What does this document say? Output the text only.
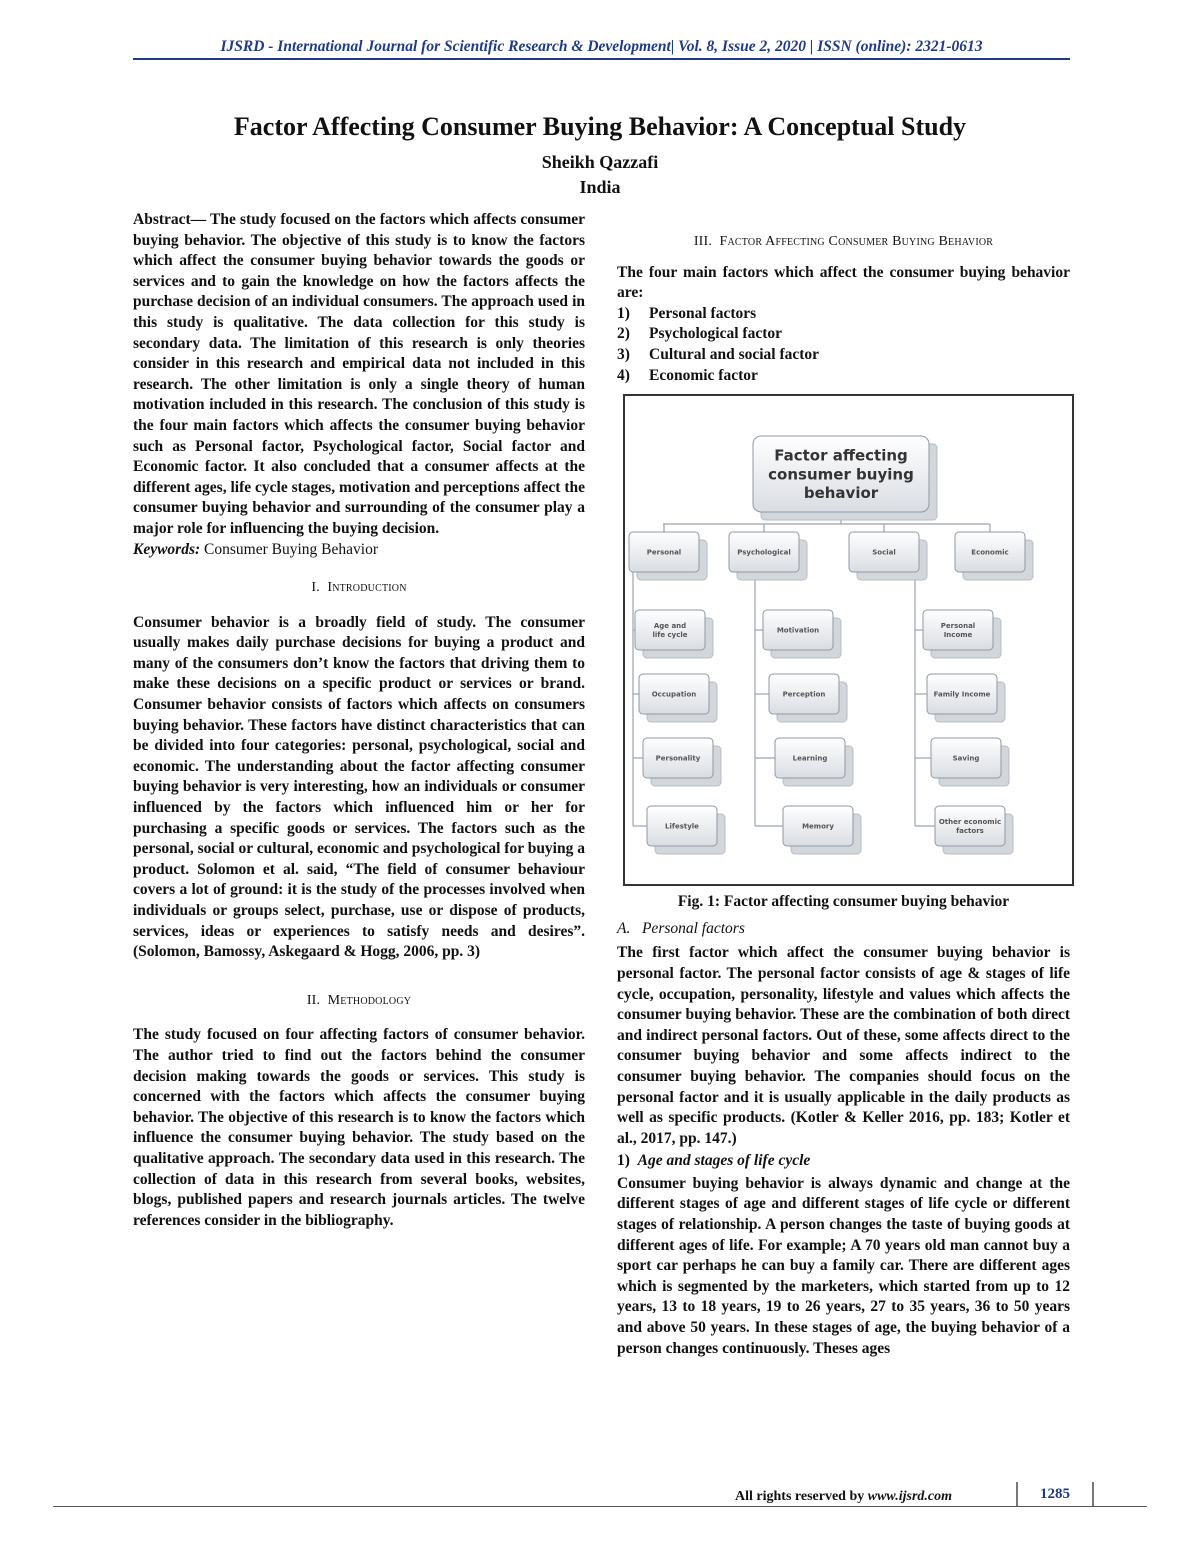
IJSRD - International Journal for Scientific Research & Development| Vol. 8, Issue 2, 2020 | ISSN (online): 2321-0613
Factor Affecting Consumer Buying Behavior: A Conceptual Study
Sheikh Qazzafi
India

Abstract— The study focused on the factors which affects consumer buying behavior. The objective of this study is to know the factors which affect the consumer buying behavior towards the goods or services and to gain the knowledge on how the factors affects the purchase decision of an individual consumers. The approach used in this study is qualitative. The data collection for this study is secondary data. The limitation of this research is only theories consider in this research and empirical data not included in this research. The other limitation is only a single theory of human motivation included in this research. The conclusion of this study is the four main factors which affects the consumer buying behavior such as Personal factor, Psychological factor, Social factor and Economic factor. It also concluded that a consumer affects at the different ages, life cycle stages, motivation and perceptions affect the consumer buying behavior and surrounding of the consumer play a major role for influencing the buying decision.

Keywords: Consumer Buying Behavior

I. Introduction

Consumer behavior is a broadly field of study. The consumer usually makes daily purchase decisions for buying a product and many of the consumers don’t know the factors that driving them to make these decisions on a specific product or services or brand. Consumer behavior consists of factors which affects on consumers buying behavior. These factors have distinct characteristics that can be divided into four categories: personal, psychological, social and economic. The understanding about the factor affecting consumer buying behavior is very interesting, how an individuals or consumer influenced by the factors which influenced him or her for purchasing a specific goods or services. The factors such as the personal, social or cultural, economic and psychological for buying a product. Solomon et al. said, “The field of consumer behaviour covers a lot of ground: it is the study of the processes involved when individuals or groups select, purchase, use or dispose of products, services, ideas or experiences to satisfy needs and desires”. (Solomon, Bamossy, Askegaard & Hogg, 2006, pp. 3)

II. Methodology

The study focused on four affecting factors of consumer behavior. The author tried to find out the factors behind the consumer decision making towards the goods or services. This study is concerned with the factors which affects the consumer buying behavior. The objective of this research is to know the factors which influence the consumer buying behavior. The study based on the qualitative approach. The secondary data used in this research. The collection of data in this research from several books, websites, blogs, published papers and research journals articles. The twelve references consider in the bibliography.

III. Factor Affecting Consumer Buying Behavior

The four main factors which affect the consumer buying behavior are:

1)	Personal factors
2)	Psychological factor
3)	Cultural and social factor
4)	Economic factor
Factor affecting
consumer buying
behavior
Personal	Psychological	Social	Economic
Age and
life cycle
Occupation
Personality
Lifestyle
Motivation
Perception
Learning
Memory
Personal
Income
Family Income
Saving
Other economic
factors
Fig. 1: Factor affecting consumer buying behavior
A. Personal factors

The first factor which affect the consumer buying behavior is personal factor. The personal factor consists of age & stages of life cycle, occupation, personality, lifestyle and values which affects the consumer buying behavior. These are the combination of both direct and indirect personal factors. Out of these, some affects direct to the consumer buying behavior and some affects indirect to the consumer buying behavior. The companies should focus on the personal factor and it is usually applicable in the daily products as well as specific products. (Kotler & Keller 2016, pp. 183; Kotler et al., 2017, pp. 147.)

1) Age and stages of life cycle

Consumer buying behavior is always dynamic and change at the different stages of age and different stages of life cycle or different stages of relationship. A person changes the taste of buying goods at different ages of life. For example; A 70 years old man cannot buy a sport car perhaps he can buy a family car. There are different ages which is segmented by the marketers, which started from up to 12 years, 13 to 18 years, 19 to 26 years, 27 to 35 years, 36 to 50 years and above 50 years. In these stages of age, the buying behavior of a person changes continuously. Theses ages

All rights reserved by www.ijsrd.com	1285
